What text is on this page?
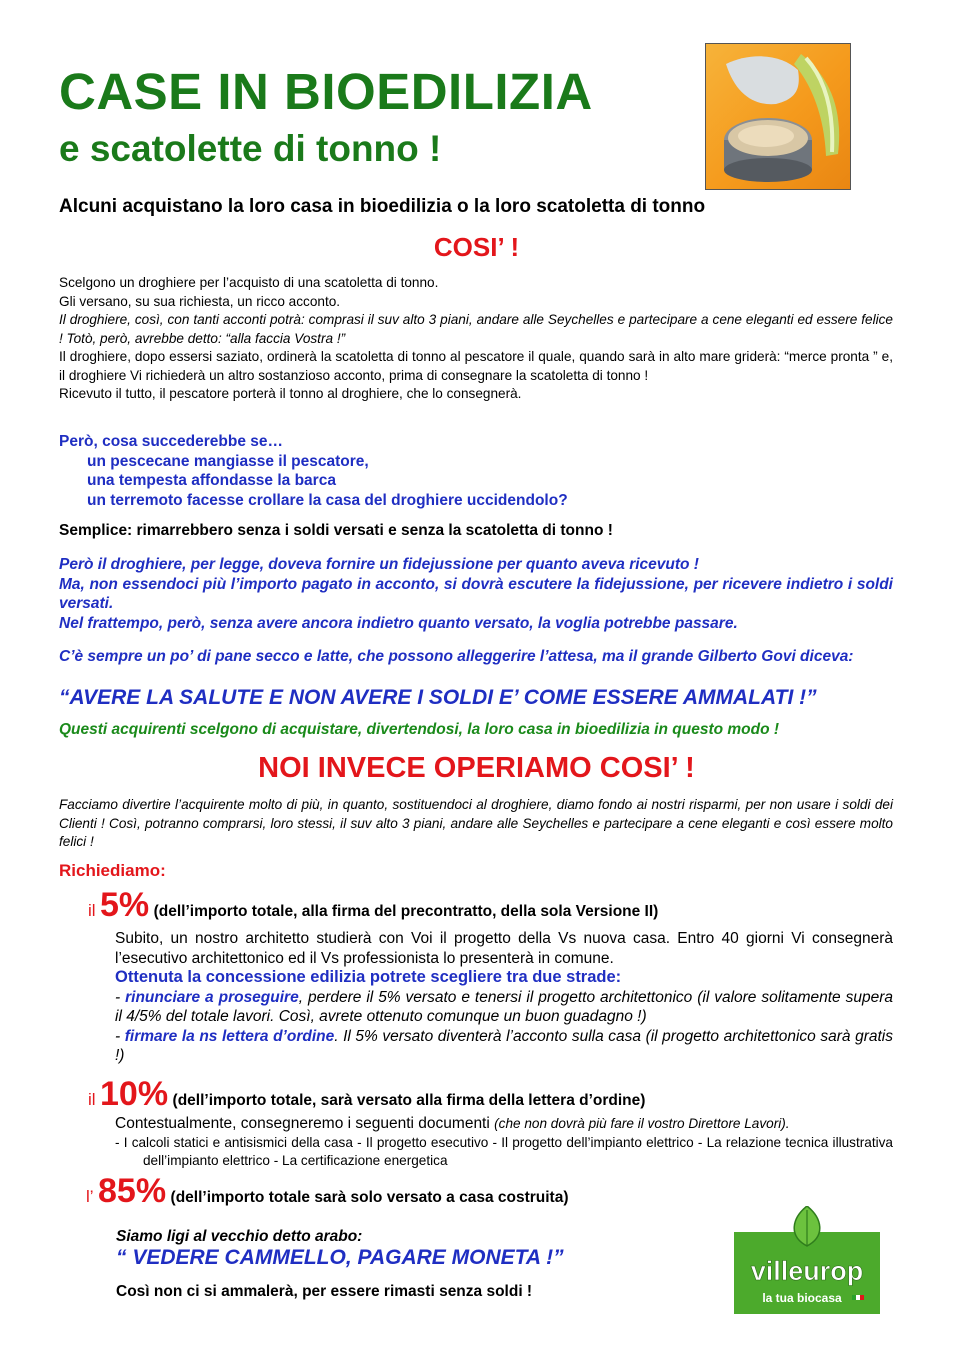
CASE IN BIOEDILIZIA
e scatolette di tonno !
Alcuni acquistano la loro casa in bioedilizia o la loro scatoletta di tonno
COSI’ !
Scelgono un droghiere per l’acquisto di una scatoletta di tonno.
Gli versano, su sua richiesta, un ricco acconto.
Il droghiere, così, con tanti acconti potrà: comprasi il suv alto 3 piani, andare alle Seychelles e partecipare a cene eleganti ed essere felice ! Totò, però, avrebbe detto: “alla faccia Vostra !”
Il droghiere, dopo essersi saziato, ordinerà la scatoletta di tonno al pescatore il quale, quando sarà in alto mare griderà: “merce pronta ” e, il droghiere Vi richiederà un altro sostanzioso acconto, prima di consegnare la scatoletta di tonno !
Ricevuto il tutto, il pescatore porterà il tonno al droghiere, che lo consegnerà.
Però, cosa succederebbe se…
un pescecane mangiasse il pescatore,
una tempesta affondasse la barca
un terremoto facesse crollare la casa del droghiere uccidendolo?
Semplice: rimarrebbero senza i soldi versati e senza la scatoletta di tonno !
Però il droghiere, per legge, doveva fornire un fidejussione per quanto aveva ricevuto !
Ma, non essendoci più l’importo pagato in acconto, si dovrà escutere la fidejussione, per ricevere indietro i soldi versati.
Nel frattempo, però, senza avere ancora indietro quanto versato, la voglia potrebbe passare.
C’è sempre un po’ di pane secco e latte, che possono alleggerire l’attesa, ma il grande Gilberto Govi diceva:
“AVERE LA SALUTE E NON AVERE I SOLDI E’ COME ESSERE AMMALATI !”
Questi acquirenti scelgono di acquistare, divertendosi, la loro casa in bioedilizia in questo modo !
NOI INVECE OPERIAMO COSI’ !
Facciamo divertire l’acquirente molto di più, in quanto, sostituendoci al droghiere, diamo fondo ai nostri risparmi, per non usare i soldi dei Clienti ! Così, potranno comprarsi, loro stessi, il suv alto 3 piani, andare alle Seychelles e partecipare a cene eleganti e così essere molto felici !
Richiediamo:
il 5% (dell’importo totale, alla firma del precontratto, della sola Versione II)
Subito, un nostro architetto studierà con Voi il progetto della Vs nuova casa. Entro 40 giorni Vi consegnerà l’esecutivo architettonico ed il Vs professionista lo presenterà in comune.
Ottenuta la concessione edilizia potrete scegliere tra due strade:
- rinunciare a proseguire, perdere il 5% versato e tenersi il progetto architettonico (il valore solitamente supera il 4/5% del totale lavori. Così, avrete ottenuto comunque un buon guadagno !)
- firmare la ns lettera d’ordine. Il 5% versato diventerà l’acconto sulla casa (il progetto architettonico sarà gratis !)
il 10% (dell’importo totale, sarà versato alla firma della lettera d’ordine)
Contestualmente, consegneremo i seguenti documenti (che non dovrà più fare il vostro Direttore Lavori).
- I calcoli statici e antisismici della casa - Il progetto esecutivo - Il progetto dell’impianto elettrico - La relazione tecnica illustrativa dell’impianto elettrico - La certificazione energetica
l’ 85% (dell’importo totale sarà solo versato a casa costruita)
Siamo ligi al vecchio detto arabo:
“ VEDERE CAMMELLO, PAGARE MONETA !”
Così non ci si ammalerà, per essere rimasti senza soldi !
villeurop
la tua biocasa
